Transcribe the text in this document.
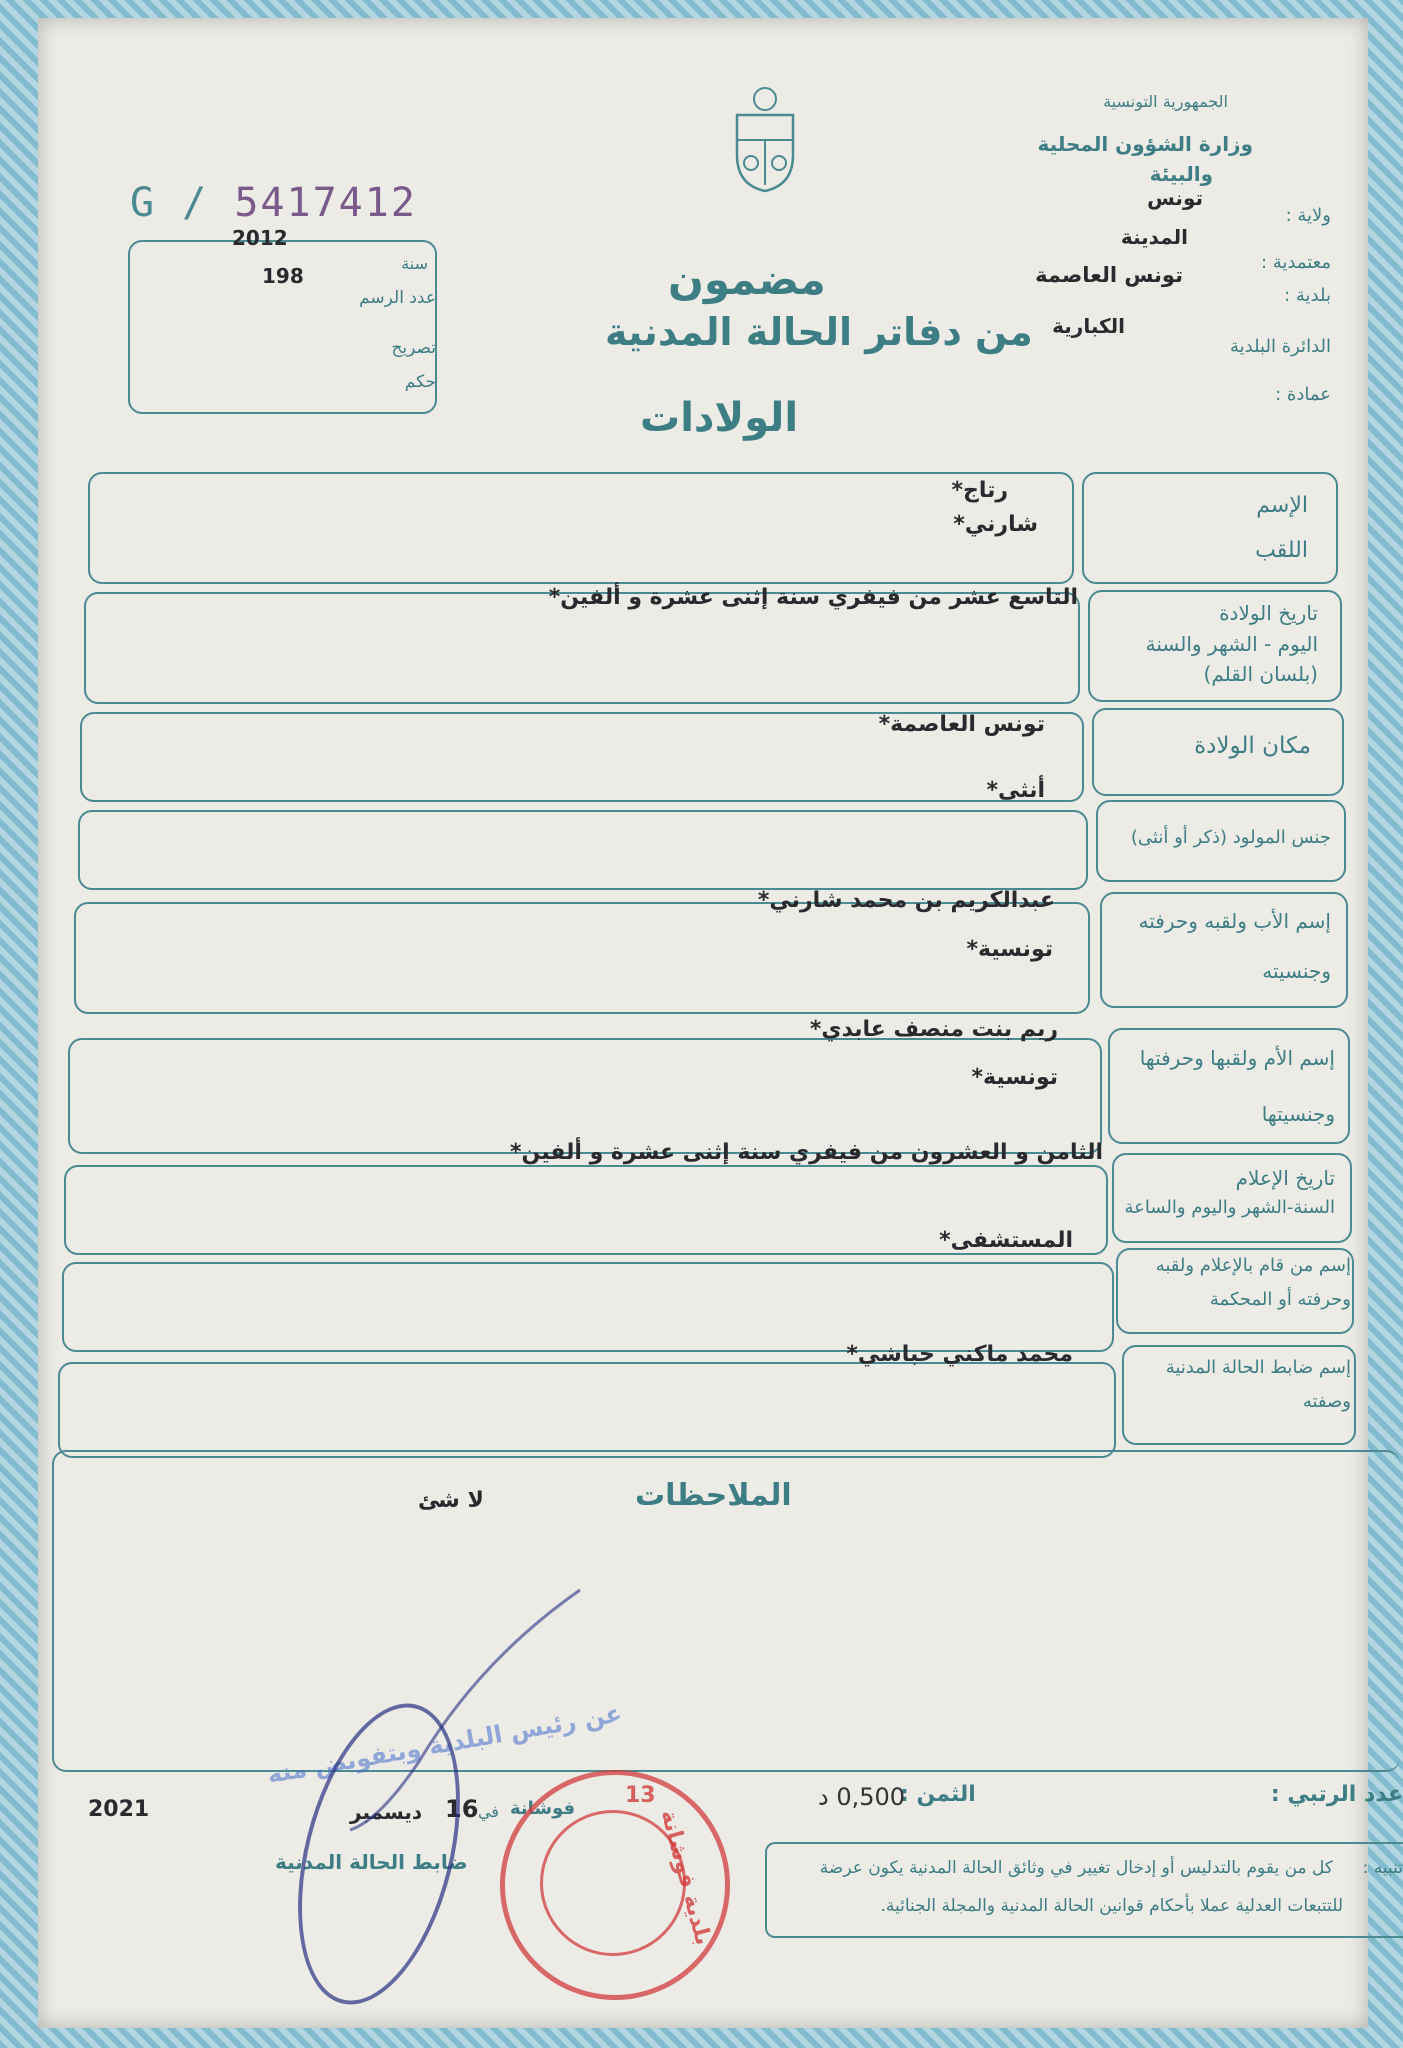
الجمهورية التونسية
وزارة الشؤون المحلية
والبيئة
ولاية :
تونس
معتمدية :
المدينة
بلدية :
تونس العاصمة
الدائرة البلدية
الكبارية
عمادة :
G / 5417412
2012
سنة
198
عدد الرسم
تصريح
حكم
مضمون
من دفاتر الحالة المدنية
الولادات
الإسم
اللقب
رتاج*
شارني*
تاريخ الولادة
اليوم - الشهر والسنة
(بلسان القلم)
التاسع عشر من فيفري سنة إثنى عشرة و ألفين*
مكان الولادة
تونس العاصمة*
جنس المولود (ذكر أو أنثى)
أنثى*
إسم الأب ولقبه وحرفته
وجنسيته
عبدالكريم بن محمد شارني*
تونسية*
إسم الأم ولقبها وحرفتها
وجنسيتها
ريم بنت منصف عابدي*
تونسية*
تاريخ الإعلام
السنة-الشهر واليوم والساعة
الثامن و العشرون من فيفري سنة إثنى عشرة و ألفين*
إسم من قام بالإعلام ولقبه
وحرفته أو المحكمة
المستشفى*
إسم ضابط الحالة المدنية
وصفته
محمد ماكني حباشي*
الملاحظات
لا شئ
عدد الرتبي :
الثمن :
0,500 د
فوشانة
في
16
ديسمبر
2021
ضابط الحالة المدنية
عن رئيس البلدية وبتفويض منه
تنبيه :
كل من يقوم بالتدليس أو إدخال تغيير في وثائق الحالة المدنية يكون عرضة
للتتبعات العدلية عملا بأحكام قوانين الحالة المدنية والمجلة الجنائية.
بلدية فوشانة
13
